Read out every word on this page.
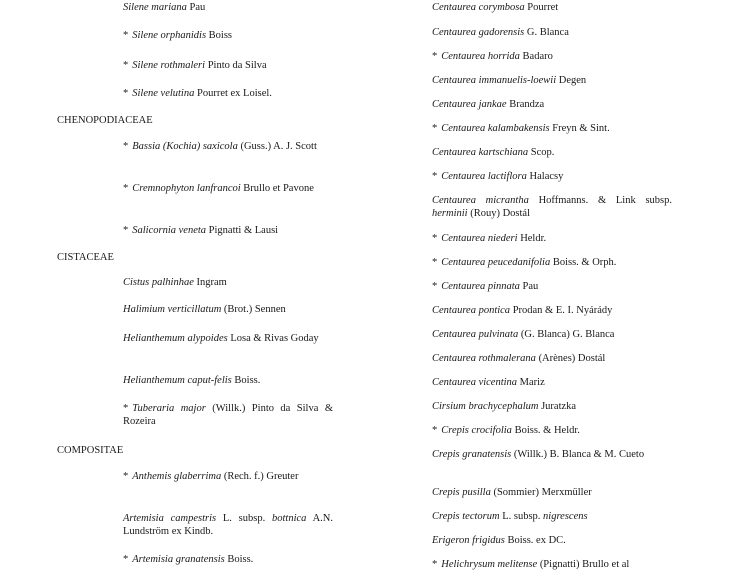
Silene mariana Pau
* Silene orphanidis Boiss
* Silene rothmaleri Pinto da Silva
* Silene velutina Pourret ex Loisel.
CHENOPODIACEAE
* Bassia (Kochia) saxicola (Guss.) A. J. Scott
* Cremnophyton lanfrancoi Brullo et Pavone
* Salicornia veneta Pignatti & Lausi
CISTACEAE
Cistus palhinhae Ingram
Halimium verticillatum (Brot.) Sennen
Helianthemum alypoides Losa & Rivas Goday
Helianthemum caput-felis Boiss.
* Tuberaria major (Willk.) Pinto da Silva & Rozeira
COMPOSITAE
* Anthemis glaberrima (Rech. f.) Greuter
Artemisia campestris L. subsp. bottnica A.N. Lundström ex Kindb.
* Artemisia granatensis Boiss.
Centaurea corymbosa Pourret
Centaurea gadorensis G. Blanca
* Centaurea horrida Badaro
Centaurea immanuelis-loewii Degen
Centaurea jankae Brandza
* Centaurea kalambakensis Freyn & Sint.
Centaurea kartschiana Scop.
* Centaurea lactiflora Halacsy
Centaurea micrantha Hoffmanns. & Link subsp. herminii (Rouy) Dostál
* Centaurea niederi Heldr.
* Centaurea peucedanifolia Boiss. & Orph.
* Centaurea pinnata Pau
Centaurea pontica Prodan & E. I. Nyárády
Centaurea pulvinata (G. Blanca) G. Blanca
Centaurea rothmalerana (Arènes) Dostál
Centaurea vicentina Mariz
Cirsium brachycephalum Juratzka
* Crepis crocifolia Boiss. & Heldr.
Crepis granatensis (Willk.) B. Blanca & M. Cueto
Crepis pusilla (Sommier) Merxmüller
Crepis tectorum L. subsp. nigrescens
Erigeron frigidus Boiss. ex DC.
* Helichrysum melitense (Pignatti) Brullo et al
